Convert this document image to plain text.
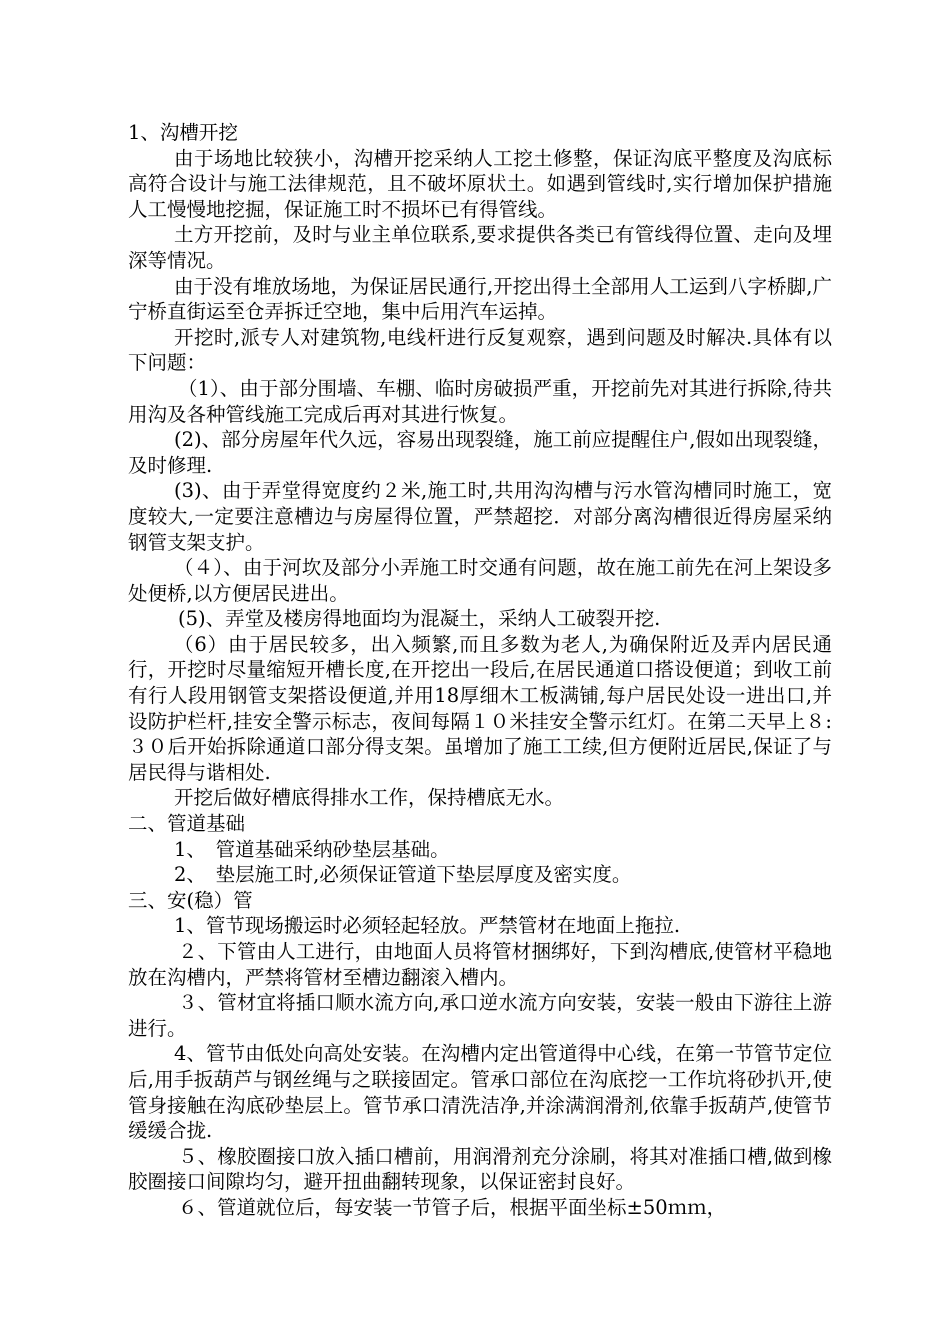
1、沟槽开挖

由于场地比较狭小，沟槽开挖采纳人工挖土修整，保证沟底平整度及沟底标高符合设计与施工法律规范，且不破坏原状土。如遇到管线时,实行增加保护措施人工慢慢地挖掘，保证施工时不损坏已有得管线。

土方开挖前，及时与业主单位联系,要求提供各类已有管线得位置、走向及埋深等情况。

由于没有堆放场地，为保证居民通行,开挖出得土全部用人工运到八字桥脚,广宁桥直街运至仓弄拆迁空地，集中后用汽车运掉。

开挖时,派专人对建筑物,电线杆进行反复观察，遇到问题及时解决.具体有以下问题：

（1）、由于部分围墙、车棚、临时房破损严重，开挖前先对其进行拆除,待共用沟及各种管线施工完成后再对其进行恢复。

(2)、部分房屋年代久远，容易出现裂缝，施工前应提醒住户,假如出现裂缝，及时修理.

(3)、由于弄堂得宽度约２米,施工时,共用沟沟槽与污水管沟槽同时施工，宽度较大,一定要注意槽边与房屋得位置，严禁超挖．对部分离沟槽很近得房屋采纳钢管支架支护。

（４）、由于河坎及部分小弄施工时交通有问题，故在施工前先在河上架设多处便桥,以方便居民进出。

(5)、弄堂及楼房得地面均为混凝土，采纳人工破裂开挖.

（6）由于居民较多，出入频繁,而且多数为老人,为确保附近及弄内居民通行，开挖时尽量缩短开槽长度,在开挖出一段后,在居民通道口搭设便道；到收工前有行人段用钢管支架搭设便道,并用18厚细木工板满铺,每户居民处设一进出口,并设防护栏杆,挂安全警示标志，夜间每隔１０米挂安全警示红灯。在第二天早上８:３０后开始拆除通道口部分得支架。虽增加了施工工续,但方便附近居民,保证了与居民得与谐相处.

开挖后做好槽底得排水工作，保持槽底无水。

二、管道基础

1、　管道基础采纳砂垫层基础。

2、　垫层施工时,必须保证管道下垫层厚度及密实度。

三、安(稳）管

1、管节现场搬运时必须轻起轻放。严禁管材在地面上拖拉.

２、下管由人工进行，由地面人员将管材捆绑好，下到沟槽底,使管材平稳地放在沟槽内，严禁将管材至槽边翻滚入槽内。

３、管材宜将插口顺水流方向,承口逆水流方向安装，安装一般由下游往上游进行。

4、管节由低处向高处安装。在沟槽内定出管道得中心线，在第一节管节定位后,用手扳葫芦与钢丝绳与之联接固定。管承口部位在沟底挖一工作坑将砂扒开,使管身接触在沟底砂垫层上。管节承口清洗洁净,并涂满润滑剂,依靠手扳葫芦,使管节缓缓合拢.

５、橡胶圈接口放入插口槽前，用润滑剂充分涂刷，将其对准插口槽,做到橡胶圈接口间隙均匀，避开扭曲翻转现象，以保证密封良好。

６、管道就位后，每安装一节管子后，根据平面坐标±50ｍｍ，
